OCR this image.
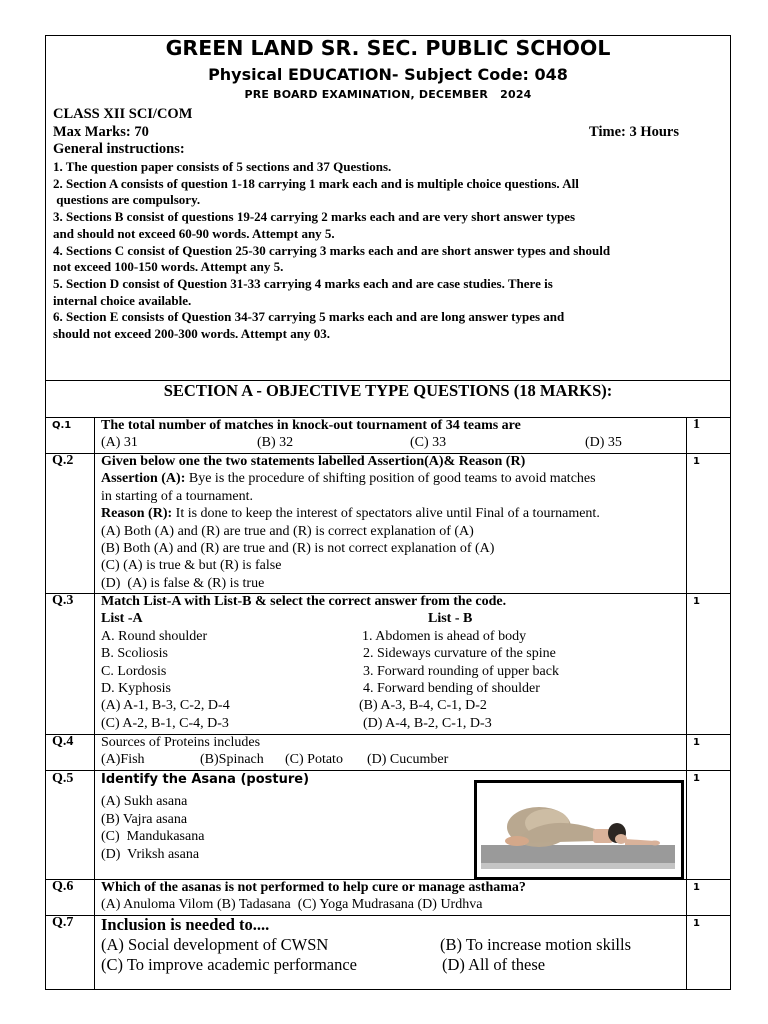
GREEN LAND SR. SEC. PUBLIC SCHOOL
Physical EDUCATION- Subject Code: 048
PRE BOARD EXAMINATION, DECEMBER   2024
CLASS XII SCI/COM
Max Marks: 70	Time: 3 Hours
General instructions:
1. The question paper consists of 5 sections and 37 Questions.
2. Section A consists of question 1-18 carrying 1 mark each and is multiple choice questions. All
questions are compulsory.
3. Sections B consist of questions 19-24 carrying 2 marks each and are very short answer types
and should not exceed 60-90 words. Attempt any 5.
4. Sections C consist of Question 25-30 carrying 3 marks each and are short answer types and should
not exceed 100-150 words. Attempt any 5.
5. Section D consist of Question 31-33 carrying 4 marks each and are case studies. There is
internal choice available.
6. Section E consists of Question 34-37 carrying 5 marks each and are long answer types and
should not exceed 200-300 words. Attempt any 03.
SECTION A - OBJECTIVE TYPE QUESTIONS (18 MARKS):
Q.1	The total number of matches in knock-out tournament of 34 teams are
(A) 31	(B) 32	(C) 33	(D) 35
1
Q.2	Given below one the two statements labelled Assertion(A)& Reason (R)
Assertion (A): Bye is the procedure of shifting position of good teams to avoid matches
in starting of a tournament.
Reason (R): It is done to keep the interest of spectators alive until Final of a tournament.
(A) Both (A) and (R) are true and (R) is correct explanation of (A)
(B) Both (A) and (R) are true and (R) is not correct explanation of (A)
(C) (A) is true & but (R) is false
(D)  (A) is false & (R) is true
1
Q.3	Match List-A with List-B & select the correct answer from the code.
List -A	List - B
A. Round shoulder	1. Abdomen is ahead of body
B. Scoliosis	2. Sideways curvature of the spine
C. Lordosis	3. Forward rounding of upper back
D. Kyphosis	4. Forward bending of shoulder
(A) A-1, B-3, C-2, D-4	(B) A-3, B-4, C-1, D-2
(C) A-2, B-1, C-4, D-3	(D) A-4, B-2, C-1, D-3
1
Q.4	Sources of Proteins includes
(A)Fish	(B)Spinach (C) Potato (D) Cucumber
1
Q.5	Identify the Asana (posture)
(A) Sukh asana
(B) Vajra asana
(C)  Mandukasana
(D)  Vriksh asana
1
Q.6	Which of the asanas is not performed to help cure or manage asthama?
(A) Anuloma Vilom (B) Tadasana  (C) Yoga Mudrasana (D) Urdhva
1
Q.7	Inclusion is needed to....
(A) Social development of CWSN	(B) To increase motion skills
(C) To improve academic performance	(D) All of these
1
